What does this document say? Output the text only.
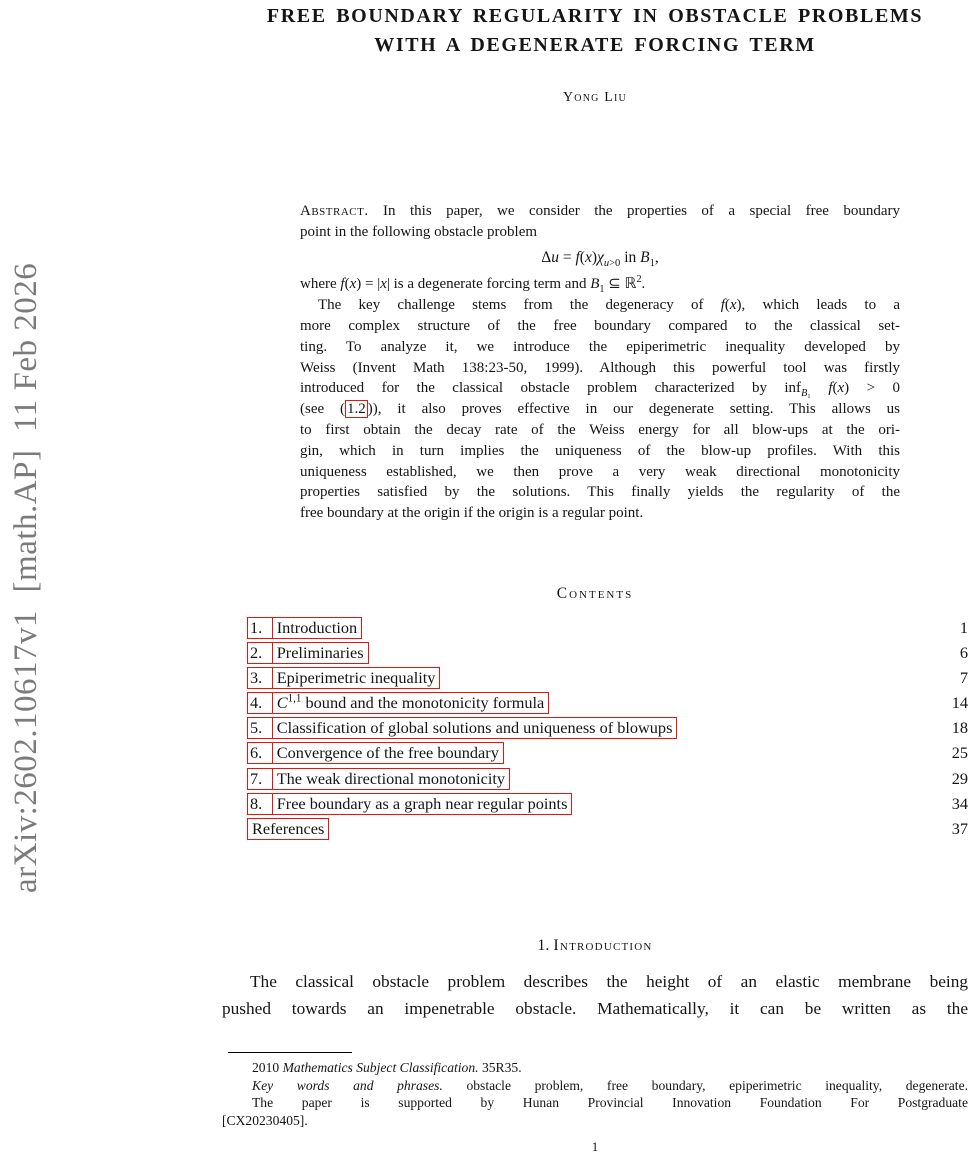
arXiv:2602.10617v1  [math.AP]  11 Feb 2026
FREE BOUNDARY REGULARITY IN OBSTACLE PROBLEMS
WITH A DEGENERATE FORCING TERM
Yong Liu
Abstract. In this paper, we consider the properties of a special free boundary
point in the following obstacle problem
$\Delta u = f(x)\chi_{u>0}$ in $B_1$,
where f(x) = |x| is a degenerate forcing term and $B_1$ ⊆ ℝ$^2$.
The key challenge stems from the degeneracy of f(x), which leads to a
more complex structure of the free boundary compared to the classical set-
ting. To analyze it, we introduce the epiperimetric inequality developed by
Weiss (Invent Math 138:23-50, 1999). Although this powerful tool was firstly
introduced for the classical obstacle problem characterized by inf$_{B_1}$ f(x) > 0
(see ( 1.2 )), it also proves effective in our degenerate setting. This allows us
to first obtain the decay rate of the Weiss energy for all blow-ups at the ori-
gin, which in turn implies the uniqueness of the blow-up profiles. With this
uniqueness established, we then prove a very weak directional monotonicity
properties satisfied by the solutions. This finally yields the regularity of the
free boundary at the origin if the origin is a regular point.
Contents
1. Introduction	1
2. Preliminaries	6
3. Epiperimetric inequality	7
4. C$^{1,1}$ bound and the monotonicity formula	14
5. Classification of global solutions and uniqueness of blowups	18
6. Convergence of the free boundary	25
7. The weak directional monotonicity	29
8. Free boundary as a graph near regular points	34
References	37
1. Introduction
The classical obstacle problem describes the height of an elastic membrane being
pushed towards an impenetrable obstacle. Mathematically, it can be written as the
2010 Mathematics Subject Classification. 35R35.
Key words and phrases. obstacle problem, free boundary, epiperimetric inequality, degenerate.
The paper is supported by Hunan Provincial Innovation Foundation For Postgraduate
[CX20230405].
1
